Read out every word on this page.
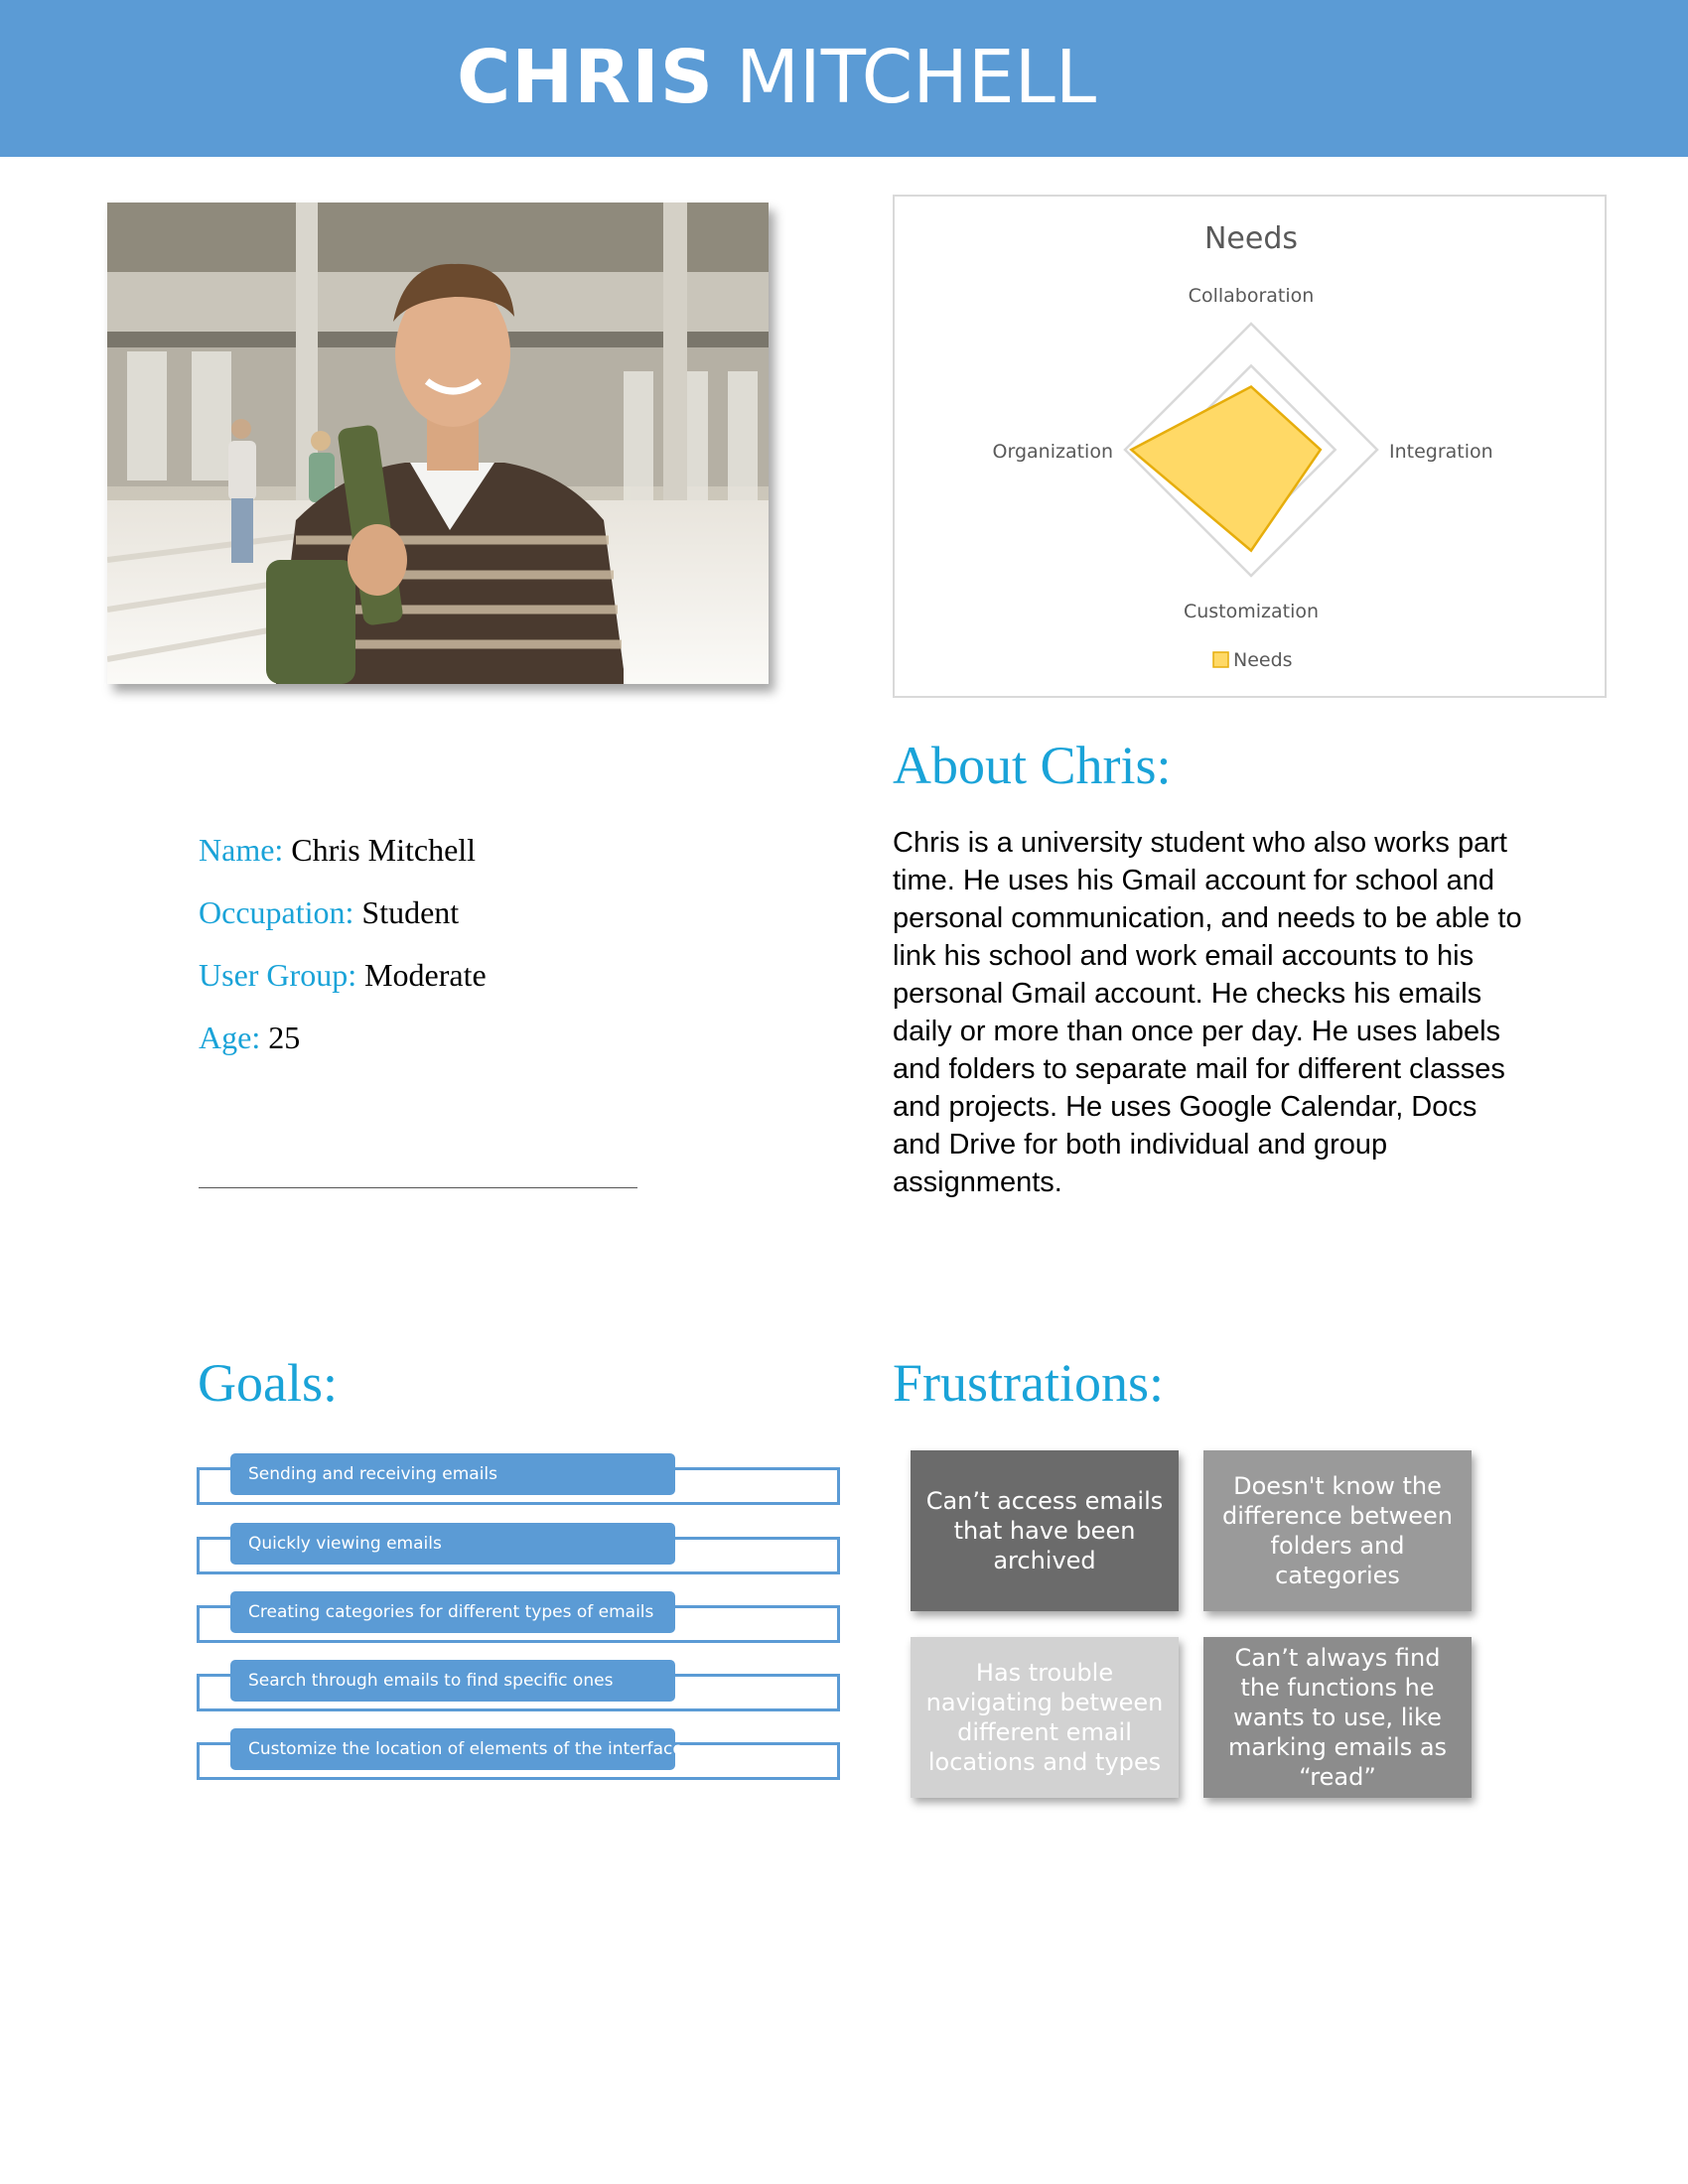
CHRIS MITCHELL
Needs
Collaboration
Integration
Customization
Organization
Needs
About Chris:
Chris is a university student who also works part time. He uses his Gmail account for school and personal communication, and needs to be able to link his school and work email accounts to his personal Gmail account. He checks his emails daily or more than once per day. He uses labels and folders to separate mail for different classes and projects. He uses Google Calendar, Docs and Drive for both individual and group assignments.
Name: Chris Mitchell
Occupation: Student
User Group: Moderate
Age: 25
Goals:
Sending and receiving emails
Quickly viewing emails
Creating categories for different types of emails
Search through emails to find specific ones
Customize the location of elements of the interface
Frustrations:
Can’t access emails that have been archived
Doesn't know the difference between folders and categories
Has trouble navigating between different email locations and types
Can’t always find the functions he wants to use, like marking emails as “read”
